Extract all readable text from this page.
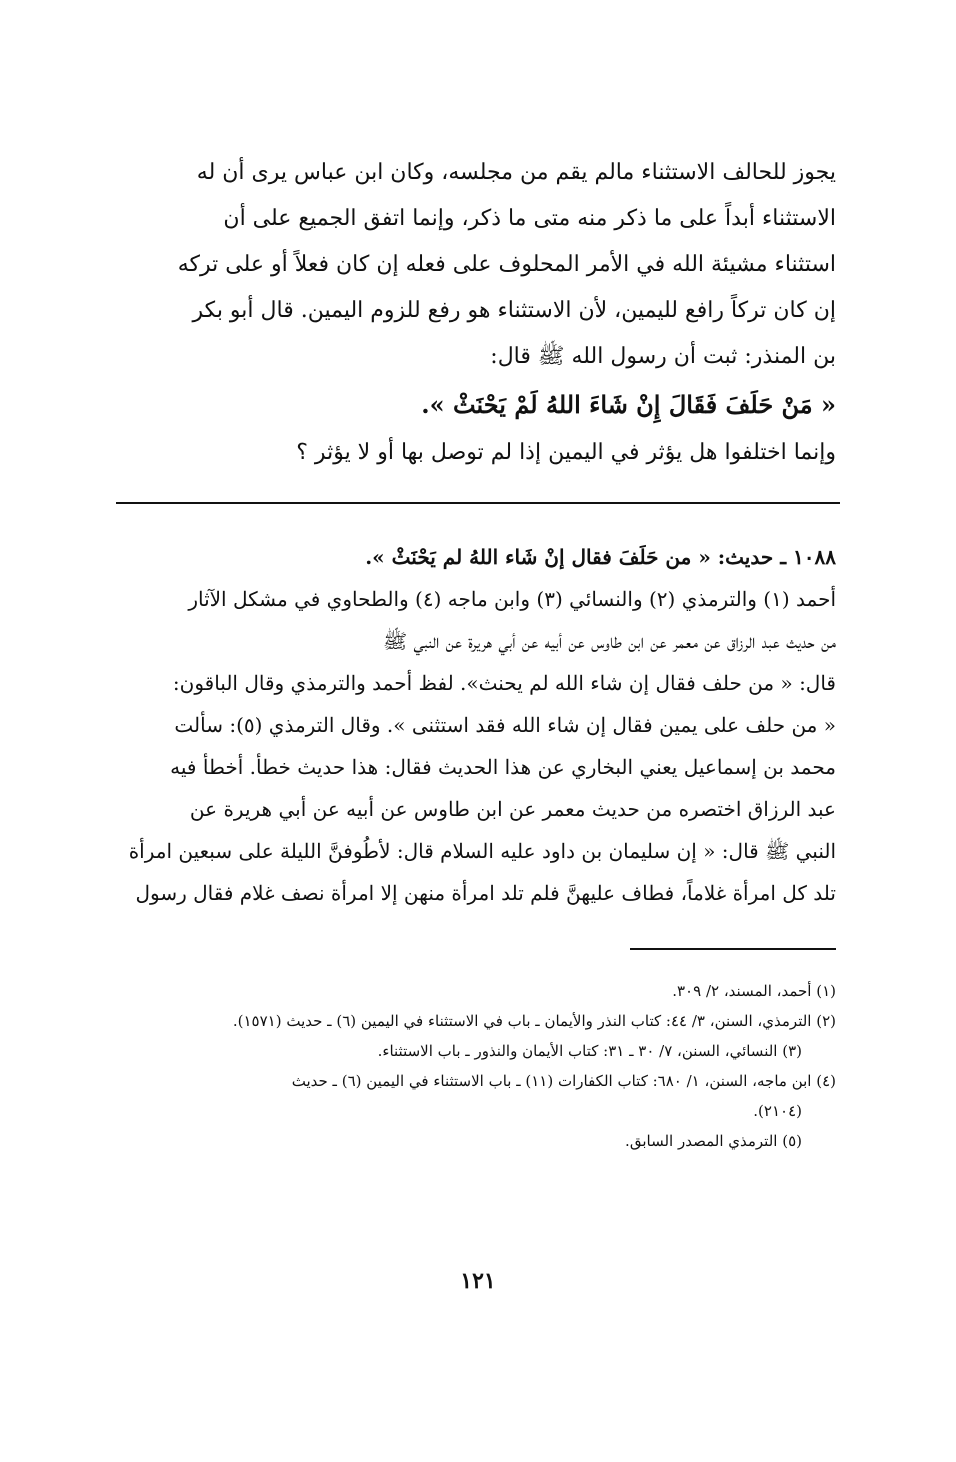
يجوز للحالف الاستثناء مالم يقم من مجلسه، وكان ابن عباس يرى أن له

الاستثناء أبداً على ما ذكر منه متى ما ذكر، وإنما اتفق الجميع على أن

استثناء مشيئة الله في الأمر المحلوف على فعله إن كان فعلاً أو على تركه

إن كان تركاً رافع لليمين، لأن الاستثناء هو رفع للزوم اليمين. قال أبو بكر

بن المنذر: ثبت أن رسول الله ﷺ قال:

« مَنْ حَلَفَ فَقَالَ إِنْ شَاءَ اللهُ لَمْ يَحْنَثْ ».

وإنما اختلفوا هل يؤثر في اليمين إذا لم توصل بها أو لا يؤثر ؟

١٠٨٨ ـ حديث: « من حَلَفَ فقال إنْ شَاء اللهُ لم يَحْنَثْ ».

أحمد (١) والترمذي (٢) والنسائي (٣) وابن ماجه (٤) والطحاوي في مشكل الآثار

من حديث عبد الرزاق عن معمر عن ابن طاوس عن أبيه عن أبي هريرة عن النبي ﷺ

قال: « من حلف فقال إن شاء الله لم يحنث». لفظ أحمد والترمذي وقال الباقون:

« من حلف على يمين فقال إن شاء الله فقد استثنى ». وقال الترمذي (٥): سألت

محمد بن إسماعيل يعني البخاري عن هذا الحديث فقال: هذا حديث خطأ. أخطأ فيه

عبد الرزاق اختصره من حديث معمر عن ابن طاوس عن أبيه عن أبي هريرة عن

النبي ﷺ قال: « إن سليمان بن داود عليه السلام قال: لأطُوفنَّ الليلة على سبعين امرأة

تلد كل امرأة غلاماً، فطاف عليهنَّ فلم تلد امرأة منهن إلا امرأة نصف غلام فقال رسول

(١) أحمد، المسند، ٢/ ٣٠٩.

(٢) الترمذي، السنن، ٣/ ٤٤: كتاب النذر والأيمان ـ باب في الاستثناء في اليمين (٦) ـ حديث (١٥٧١).

(٣) النسائي، السنن، ٧/ ٣٠ ـ ٣١: كتاب الأيمان والنذور ـ باب الاستثناء.

(٤) ابن ماجه، السنن، ١/ ٦٨٠: كتاب الكفارات (١١) ـ باب الاستثناء في اليمين (٦) ـ حديث

(٢١٠٤).

(٥) الترمذي المصدر السابق.

١٢١
